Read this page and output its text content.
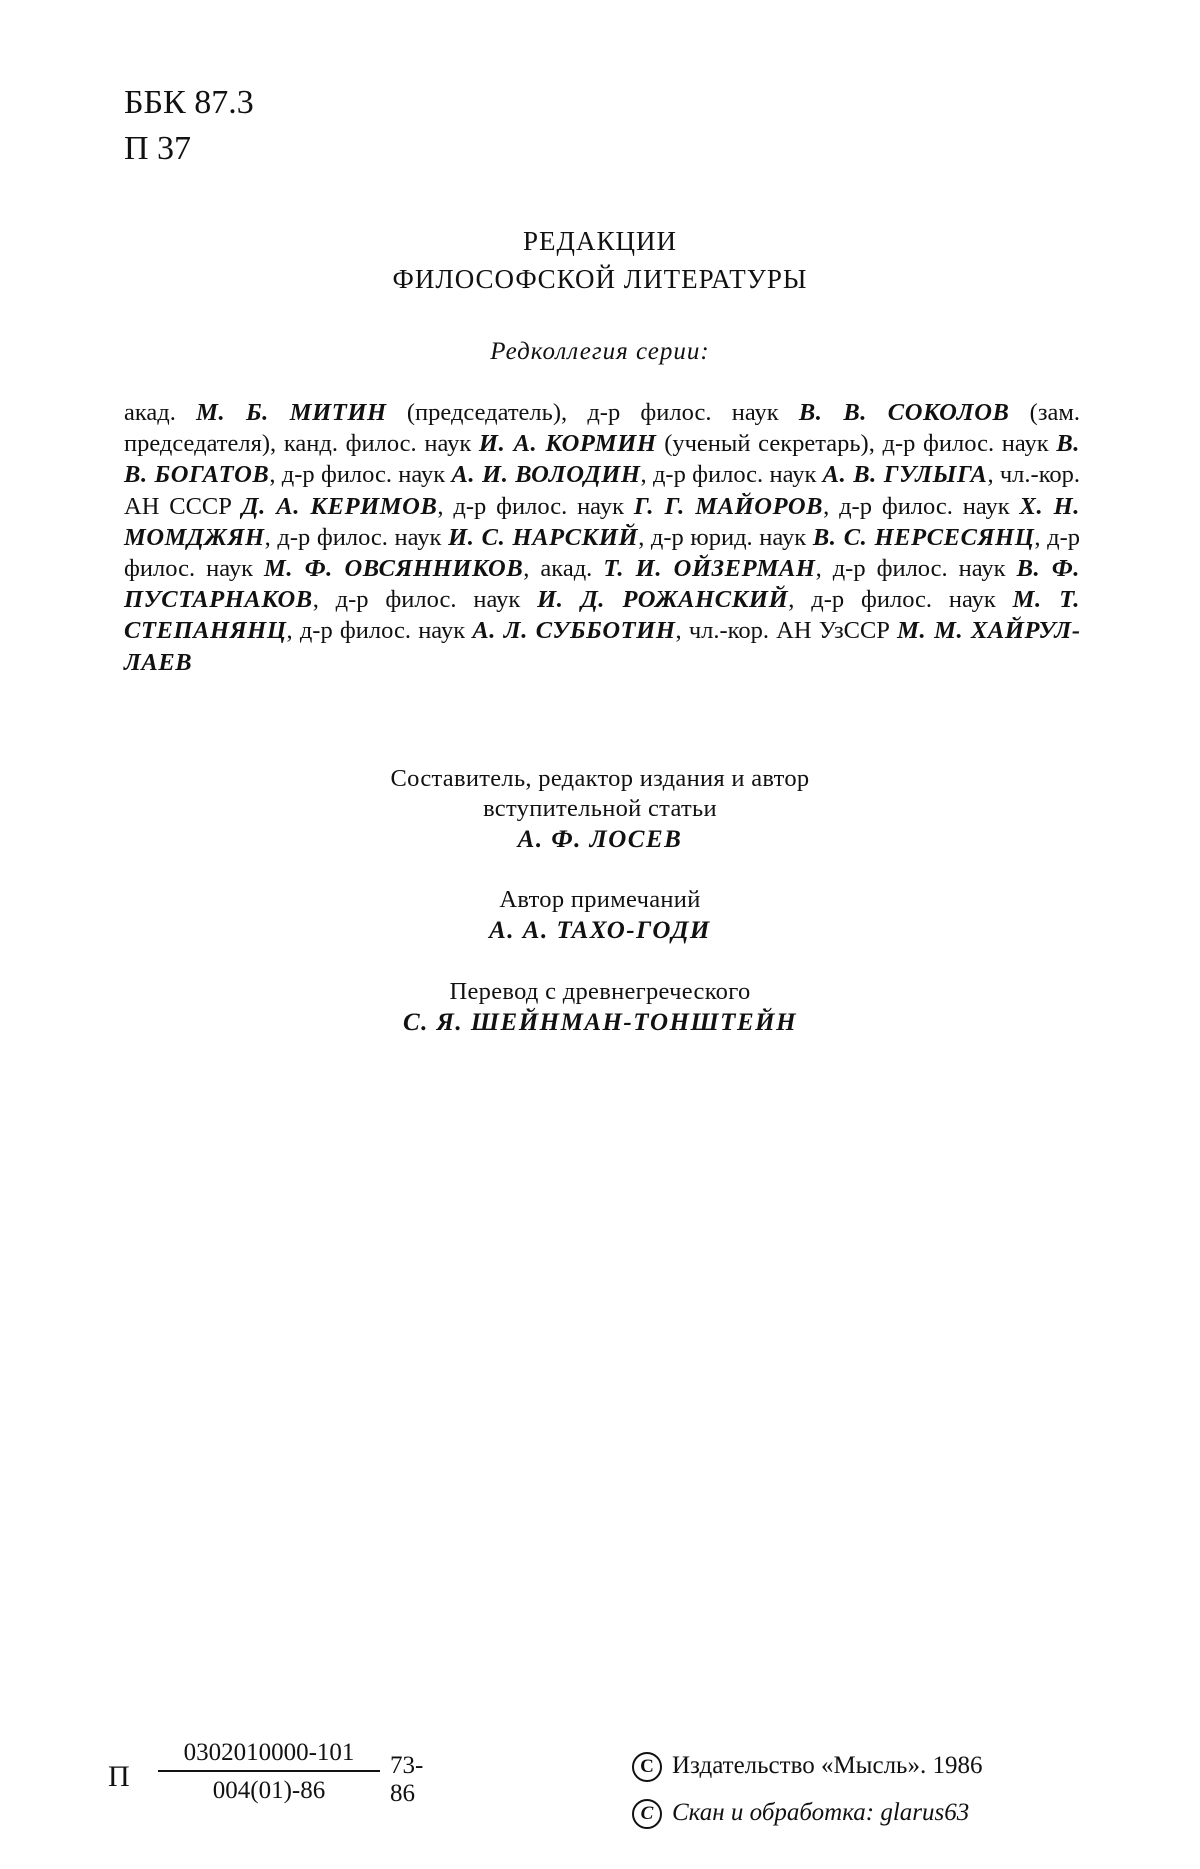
ББК 87.3
П 37
РЕДАКЦИИ
ФИЛОСОФСКОЙ ЛИТЕРАТУРЫ
Редколлегия серии:
акад. М. Б. МИТИН (председатель), д-р филос. наук В. В. СОКОЛОВ (зам. председателя), канд. филос. наук И. А. КОРМИН (ученый секретарь), д-р филос. наук В. В. БОГАТОВ, д-р филос. наук А. И. ВОЛОДИН, д-р филос. наук А. В. ГУЛЫГА, чл.-кор. АН СССР Д. А. КЕРИМОВ, д-р филос. наук Г. Г. МАЙОРОВ, д-р филос. наук Х. Н. МОМДЖЯН, д-р филос. наук И. С. НАРСКИЙ, д-р юрид. наук В. С. НЕРСЕСЯНЦ, д-р филос. наук М. Ф. ОВСЯННИКОВ, акад. Т. И. ОЙЗЕРМАН, д-р филос. наук В. Ф. ПУСТАРНАКОВ, д-р филос. наук И. Д. РОЖАНСКИЙ, д-р филос. наук М. Т. СТЕПАНЯНЦ, д-р филос. наук А. Л. СУББОТИН, чл.-кор. АН УзССР М. М. ХАЙРУЛЛАЕВ
Составитель, редактор издания и автор
вступительной статьи
А. Ф. ЛОСЕВ
Автор примечаний
А. А. ТАХО-ГОДИ
Перевод с древнегреческого
С. Я. ШЕЙНМАН-ТОНШТЕЙН
П
0302010000-101
004(01)-86
73-86
С Издательство «Мысль». 1986
С Скан и обработка: glarus63
